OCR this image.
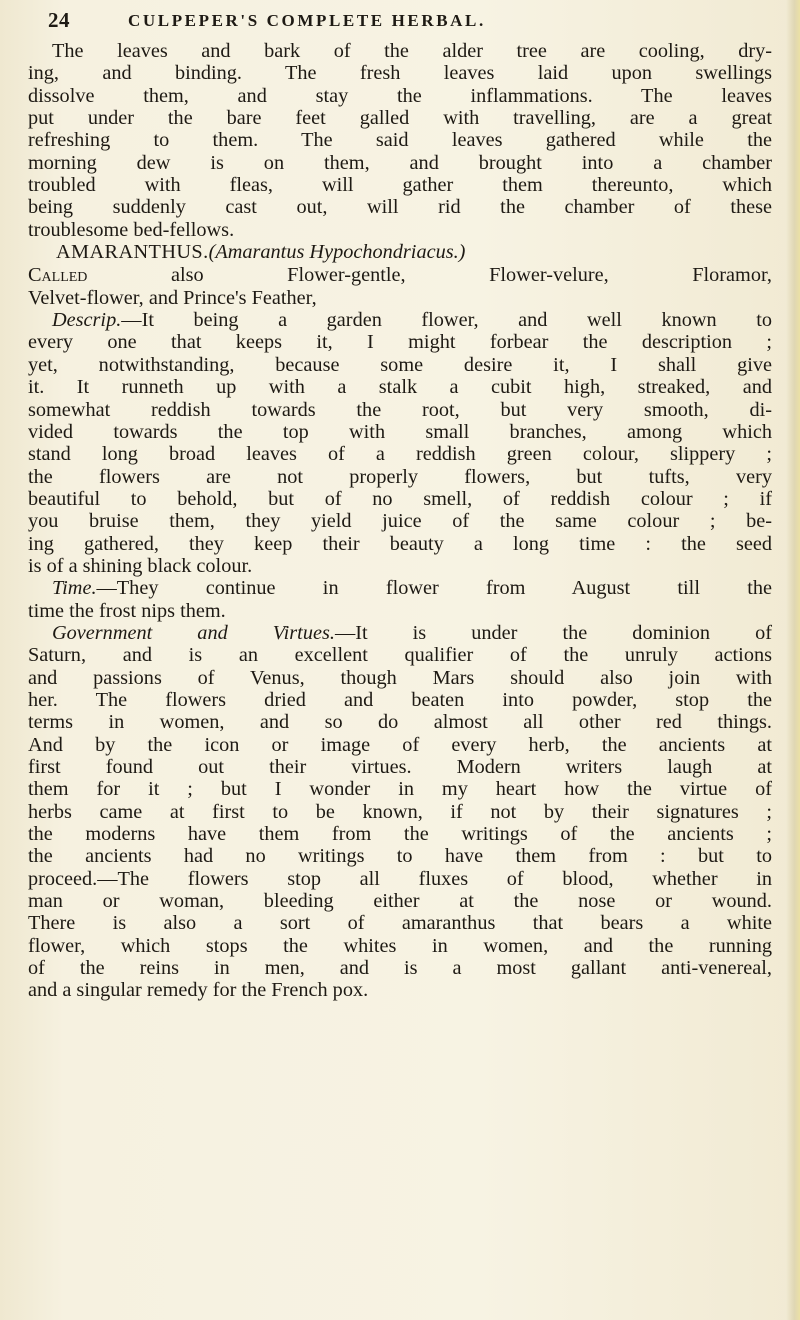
24	CULPEPER'S COMPLETE HERBAL.
The leaves and bark of the alder tree are cooling, dry-
ing, and binding. The fresh leaves laid upon swellings
dissolve them, and stay the inflammations. The leaves
put under the bare feet galled with travelling, are a great
refreshing to them. The said leaves gathered while the
morning dew is on them, and brought into a chamber
troubled with fleas, will gather them thereunto, which
being suddenly cast out, will rid the chamber of these
troublesome bed-fellows.
AMARANTHUS.(Amarantus Hypochondriacus.)
Called	also Flower-gentle, Flower-velure, Floramor,
Velvet-flower, and Prince's Feather,
Descrip.—It being a garden flower, and well known to
every one that keeps it, I might forbear the description ;
yet, notwithstanding, because some desire it, I shall give
it. It runneth up with a stalk a cubit high, streaked, and
somewhat reddish towards the root, but very smooth, di-
vided towards the top with small branches, among which
stand long broad leaves of a reddish green colour, slippery ;
the flowers are not properly flowers, but tufts, very
beautiful to behold, but of no smell, of reddish colour ; if
you bruise them, they yield juice of the same colour ; be-
ing gathered, they keep their beauty a long time : the seed
is of a shining black colour.
Time.—They continue in flower from August till the
time the frost nips them.
Government and Virtues.—It is under the dominion of
Saturn, and is an excellent qualifier of the unruly actions
and passions of Venus, though Mars should also join with
her. The flowers dried and beaten into powder, stop the
terms in women, and so do almost all other red things.
And by the icon or image of every herb, the ancients at
first found out their virtues. Modern writers laugh at
them for it ; but I wonder in my heart how the virtue of
herbs came at first to be known, if not by their signatures ;
the moderns have them from the writings of the ancients ;
the ancients had no writings to have them from : but to
proceed.—The flowers stop all fluxes of blood, whether in
man or woman, bleeding either at the nose or wound.
There is also a sort of amaranthus that bears a white
flower, which stops the whites in women, and the running
of the reins in men, and is a most gallant anti-venereal,
and a singular remedy for the French pox.
